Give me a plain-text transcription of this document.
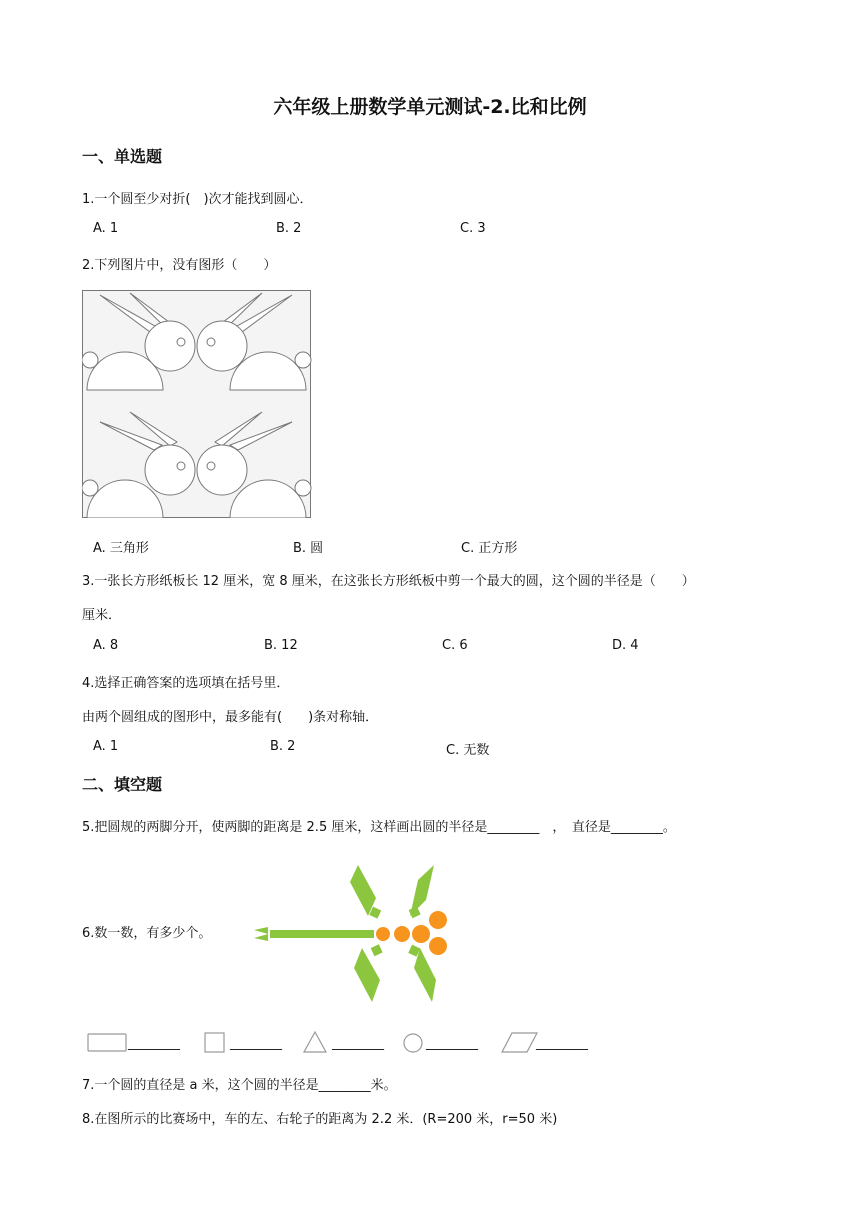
六年级上册数学单元测试-2.比和比例
一、单选题
1.一个圆至少对折(　)次才能找到圆心．
A. 1	B. 2	C. 3
2.下列图片中，没有图形（　　）
A. 三角形	B. 圆	C. 正方形
3.一张长方形纸板长 12 厘米，宽 8 厘米，在这张长方形纸板中剪一个最大的圆，这个圆的半径是（　　）
厘米．
A. 8	B. 12	C. 6	D. 4
4.选择正确答案的选项填在括号里．
由两个圆组成的图形中，最多能有(　　)条对称轴．
A. 1	B. 2	C. 无数
二、填空题
5.把圆规的两脚分开，使两脚的距离是 2.5 厘米，这样画出圆的半径是________　，　直径是________。
6.数一数，有多少个。
________	________	________	________	________
7.一个圆的直径是 a 米，这个圆的半径是________米。
8.在图所示的比赛场中，车的左、右轮子的距离为 2.2 米．(R=200 米，r=50 米)
